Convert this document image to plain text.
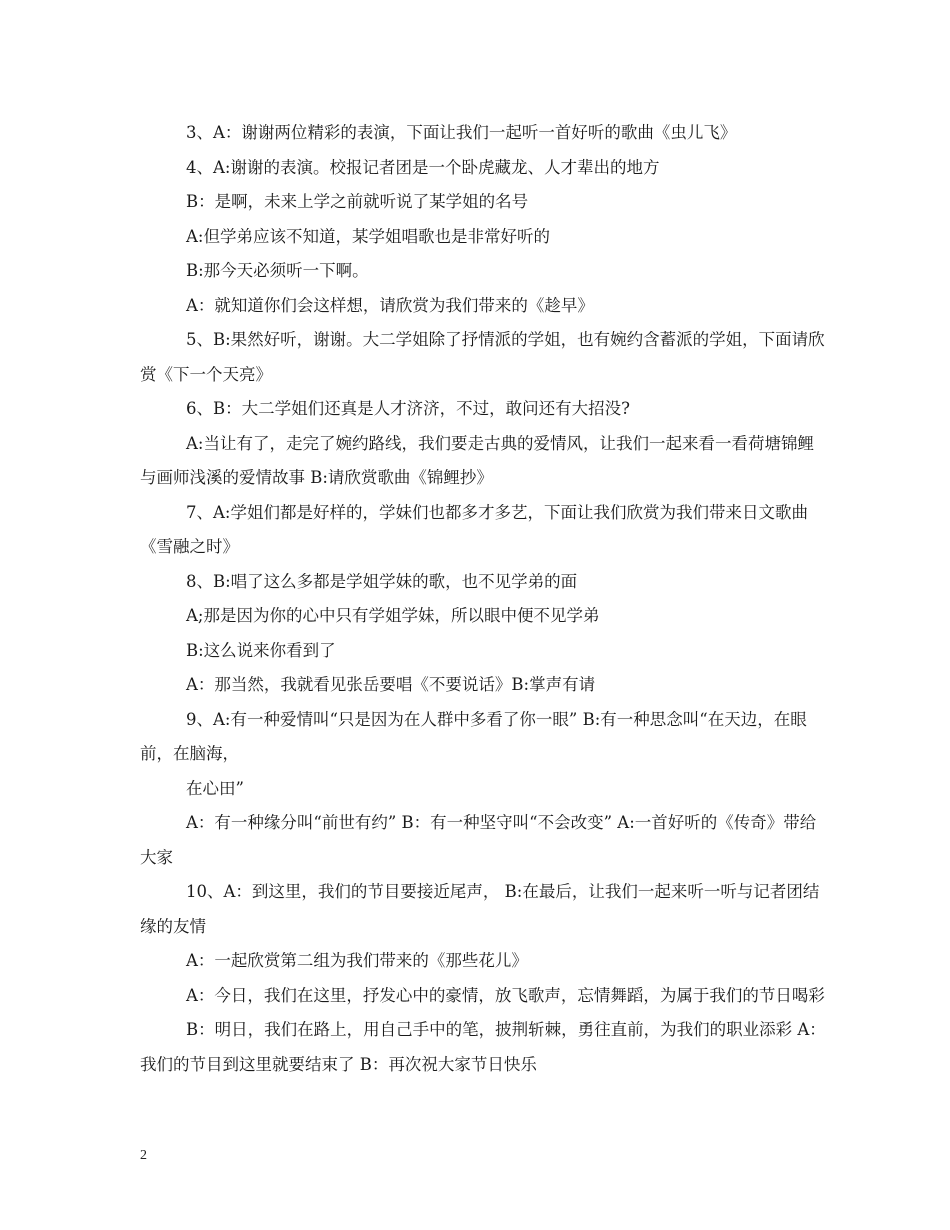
3、A：谢谢两位精彩的表演，下面让我们一起听一首好听的歌曲《虫儿飞》

4、A:谢谢的表演。校报记者团是一个卧虎藏龙、人才辈出的地方

B：是啊，未来上学之前就听说了某学姐的名号

A:但学弟应该不知道，某学姐唱歌也是非常好听的

B:那今天必须听一下啊。

A：就知道你们会这样想，请欣赏为我们带来的《趁早》

5、B:果然好听，谢谢。大二学姐除了抒情派的学姐，也有婉约含蓄派的学姐，下面请欣赏《下一个天亮》

6、B：大二学姐们还真是人才济济，不过，敢问还有大招没?

A:当让有了，走完了婉约路线，我们要走古典的爱情风，让我们一起来看一看荷塘锦鲤与画师浅溪的爱情故事 B:请欣赏歌曲《锦鲤抄》

7、A:学姐们都是好样的，学妹们也都多才多艺，下面让我们欣赏为我们带来日文歌曲《雪融之时》

8、B:唱了这么多都是学姐学妹的歌，也不见学弟的面

A;那是因为你的心中只有学姐学妹，所以眼中便不见学弟

B:这么说来你看到了

A：那当然，我就看见张岳要唱《不要说话》B:掌声有请

9、A:有一种爱情叫“只是因为在人群中多看了你一眼” B:有一种思念叫“在天边，在眼前，在脑海，

在心田”

A：有一种缘分叫“前世有约” B：有一种坚守叫“不会改变” A:一首好听的《传奇》带给大家

10、A：到这里，我们的节目要接近尾声， B:在最后，让我们一起来听一听与记者团结缘的友情

A：一起欣赏第二组为我们带来的《那些花儿》

A：今日，我们在这里，抒发心中的豪情，放飞歌声，忘情舞蹈，为属于我们的节日喝彩

B：明日，我们在路上，用自己手中的笔，披荆斩棘，勇往直前，为我们的职业添彩 A：我们的节目到这里就要结束了 B：再次祝大家节日快乐

2
